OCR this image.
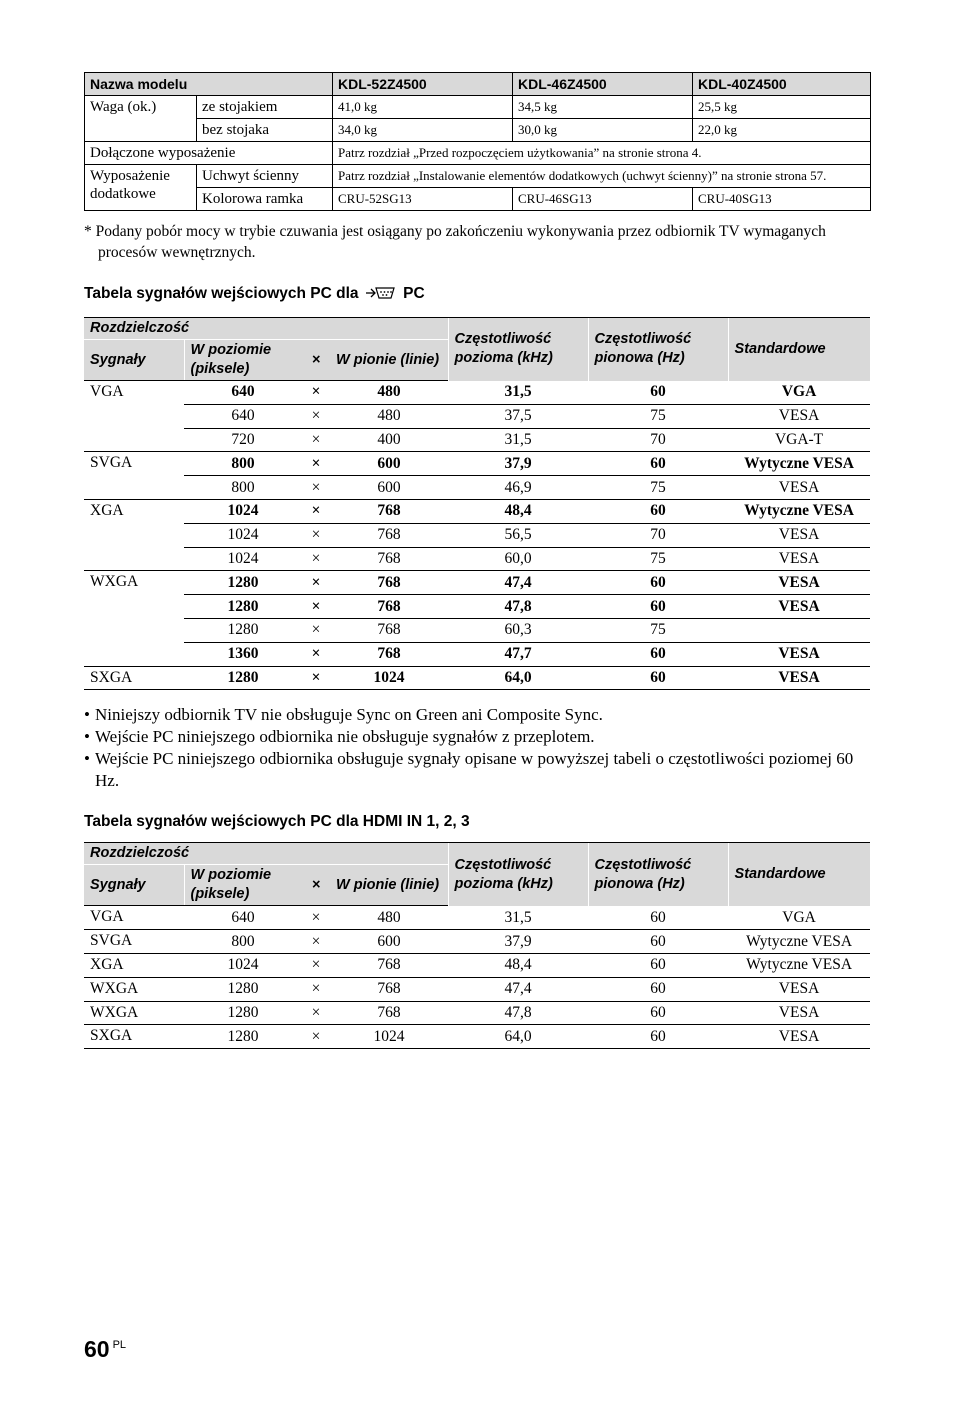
Nazwa modelu		KDL-52Z4500	KDL-46Z4500	KDL-40Z4500
Waga (ok.)	ze stojakiem	41,0 kg	34,5 kg	25,5 kg
	bez stojaka	34,0 kg	30,0 kg	22,0 kg
Dołączone wyposażenie		Patrz rozdział „Przed rozpoczęciem użytkowania” na stronie strona 4.		
Wyposażenie dodatkowe	Uchwyt ścienny	Patrz rozdział „Instalowanie elementów dodatkowych (uchwyt ścienny)” na stronie strona 57.		
	Kolorowa ramka	CRU-52SG13	CRU-46SG13	CRU-40SG13
* Podany pobór mocy w trybie czuwania jest osiągany po zakończeniu wykonywania przez odbiornik TV wymaganych procesów wewnętrznych.
Tabela sygnałów wejściowych PC dla	PC
Rozdzielczość				Częstotliwość pozioma (kHz)	Częstotliwość pionowa (Hz)	Standardowe
Sygnały	W poziomie (piksele)	×	W pionie (linie)			
VGA	640	×	480	31,5	60	VGA
	640	×	480	37,5	75	VESA
	720	×	400	31,5	70	VGA-T
SVGA	800	×	600	37,9	60	Wytyczne VESA
	800	×	600	46,9	75	VESA
XGA	1024	×	768	48,4	60	Wytyczne VESA
	1024	×	768	56,5	70	VESA
	1024	×	768	60,0	75	VESA
WXGA	1280	×	768	47,4	60	VESA
	1280	×	768	47,8	60	VESA
	1280	×	768	60,3	75	
	1360	×	768	47,7	60	VESA
SXGA	1280	×	1024	64,0	60	VESA
• Niniejszy odbiornik TV nie obsługuje Sync on Green ani Composite Sync.
• Wejście PC niniejszego odbiornika nie obsługuje sygnałów z przeplotem.
• Wejście PC niniejszego odbiornika obsługuje sygnały opisane w powyższej tabeli o częstotliwości poziomej 60 Hz.
Tabela sygnałów wejściowych PC dla HDMI IN 1, 2, 3
Rozdzielczość				Częstotliwość pozioma (kHz)	Częstotliwość pionowa (Hz)	Standardowe
Sygnały	W poziomie (piksele)	×	W pionie (linie)			
VGA	640	×	480	31,5	60	VGA
SVGA	800	×	600	37,9	60	Wytyczne VESA
XGA	1024	×	768	48,4	60	Wytyczne VESA
WXGA	1280	×	768	47,4	60	VESA
WXGA	1280	×	768	47,8	60	VESA
SXGA	1280	×	1024	64,0	60	VESA
60 $^{PL}$
